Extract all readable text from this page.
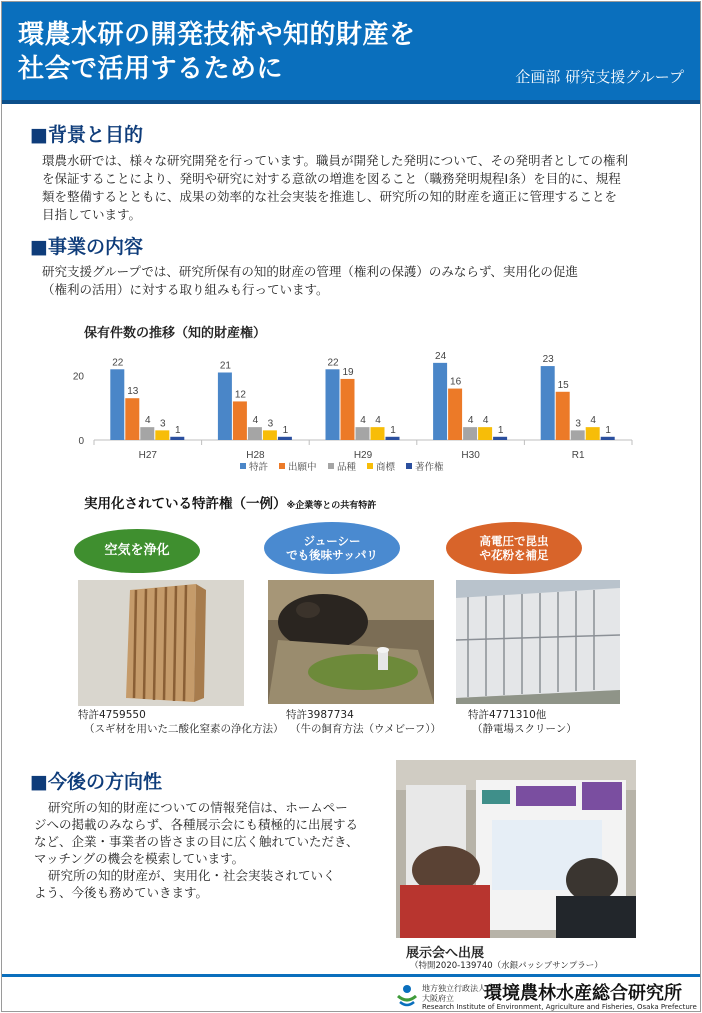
環農水研の開発技術や知的財産を
社会で活用するために	企画部 研究支援グループ
■背景と目的
環農水研では、様々な研究開発を行っています。職員が開発した発明について、その発明者としての権利
を保証することにより、発明や研究に対する意欲の増進を図ること（職務発明規程Ⅰ条）を目的に、規程
類を整備するとともに、成果の効率的な社会実装を推進し、研究所の知的財産を適正に管理することを
目指しています。
■事業の内容
研究支援グループでは、研究所保有の知的財産の管理（権利の保護）のみならず、実用化の促進
（権利の活用）に対する取り組みも行っています。
保有件数の推移（知的財産権）
0
20
22
13
4 3
1
H27
21
12
4 3
1
H28
22
19
4 4
1
H29
24
16
4 4
1
H30
23
15
3 4
1
R1
特許 出願中 品種 商標 著作権
実用化されている特許権（一例）※企業等との共有特許
空気を浄化
特許4759550
（スギ材を用いた二酸化窒素の浄化方法）
ジューシー
でも後味サッパリ
特許3987734
（牛の飼育方法（ウメビーフ））
高電圧で昆虫
や花粉を補足
特許4771310他
（静電場スクリーン）
■今後の方向性
研究所の知的財産についての情報発信は、ホームペー
ジへの掲載のみならず、各種展示会にも積極的に出展する
など、企業・事業者の皆さまの目に広く触れていただき、
マッチングの機会を模索しています。
研究所の知的財産が、実用化・社会実装されていく
よう、今後も務めていきます。
展示会へ出展
（特開2020-139740（水銀パッシブサンプラー）
地方独立行政法人
大阪府立	環境農林水産総合研究所
Research Institute of Environment, Agriculture and Fisheries, Osaka Prefecture
